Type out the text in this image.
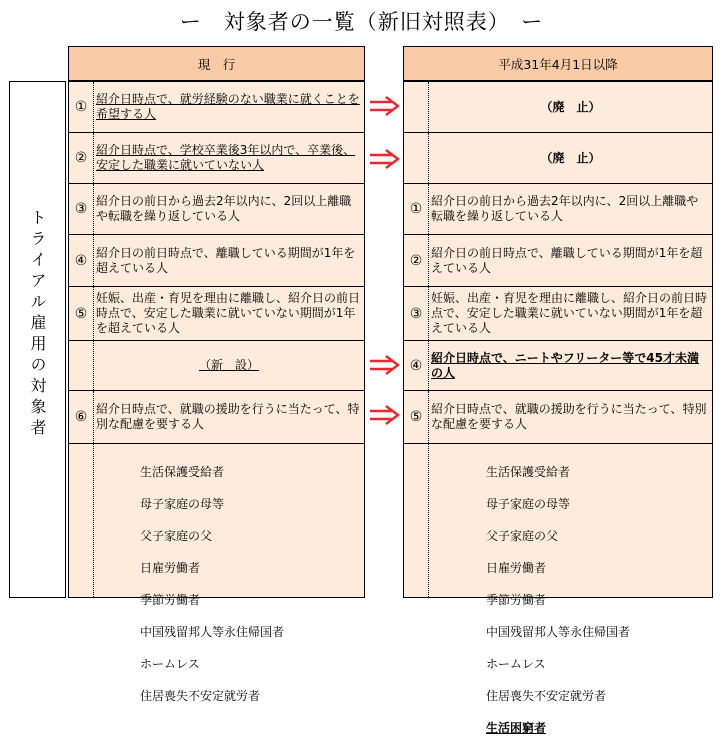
ー　対象者の一覧（新旧対照表）　ー
トライアル雇用の対象者
現　行
① 紹介日時点で、就労経験のない職業に就くことを希望する人
② 紹介日時点で、学校卒業後3年以内で、卒業後、安定した職業に就いていない人
③ 紹介日の前日から過去2年以内に、2回以上離職や転職を繰り返している人
④ 紹介日の前日時点で、離職している期間が1年を超えている人
⑤
妊娠、出産・育児を理由に離職し、紹介日の前日時点で、安定した職業に就いていない期間が1年を超えている人
（新　設）
⑥ 紹介日時点で、就職の援助を行うに当たって、特別な配慮を要する人

生活保護受給者

母子家庭の母等

父子家庭の父

日雇労働者

季節労働者

中国残留邦人等永住帰国者

ホームレス

住居喪失不安定就労者

平成31年4月1日以降
（廃　止）
（廃　止）
① 紹介日の前日から過去2年以内に、2回以上離職や転職を繰り返している人
② 紹介日の前日時点で、離職している期間が1年を超えている人
③
妊娠、出産・育児を理由に離職し、紹介日の前日時点で、安定した職業に就いていない期間が1年を超えている人
④ 紹介日時点で、ニートやフリーター等で45才未満の人
⑤ 紹介日時点で、就職の援助を行うに当たって、特別な配慮を要する人

生活保護受給者

母子家庭の母等

父子家庭の父

日雇労働者

季節労働者

中国残留邦人等永住帰国者

ホームレス

住居喪失不安定就労者

生活困窮者
